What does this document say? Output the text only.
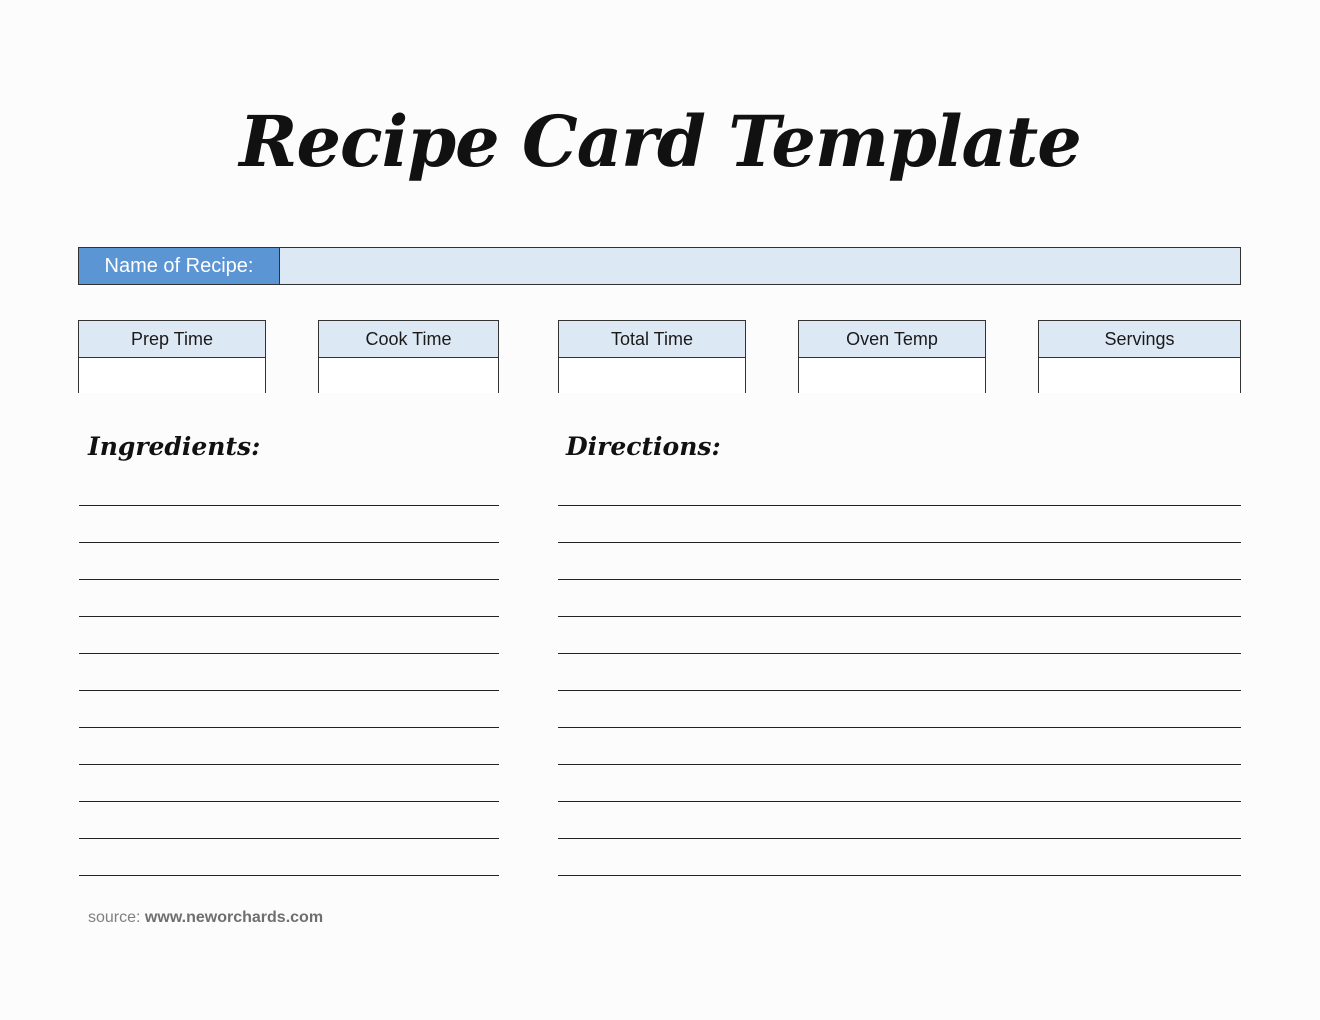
Recipe Card Template
Name of Recipe:
Prep Time	Cook Time	Total Time	Oven Temp	Servings
Ingredients:	Directions:
source: www.neworchards.com
